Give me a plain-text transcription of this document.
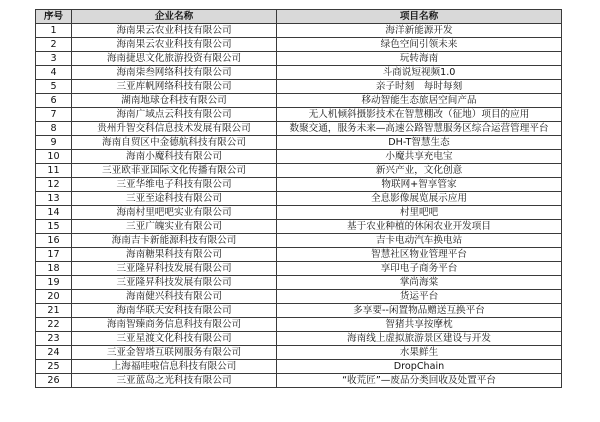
序号	企业名称	项目名称
1	海南果云农业科技有限公司	海洋新能源开发
2	海南果云农业科技有限公司	绿色空间引领未来
3	海南捷思文化旅游投资有限公司	玩转海南
4	海南柒叁网络科技有限公司	斗商说短视频1.0
5	三亚库帆网络科技有限公司	亲子时刻　每时每刻
6	湖南地球仓科技有限公司	移动智能生态旅居空间产品
7	海南广域点云科技有限公司	无人机倾斜摄影技术在智慧棚改（征地）项目的应用
8	贵州升智交科信息技术发展有限公司	数聚交通，服务未来—高速公路智慧服务区综合运营管理平台
9	海南自贸区中金德航科技有限公司	DH-T智慧生态
10	海南小魔科技有限公司	小魔共享充电宝
11	三亚欧菲亚国际文化传播有限公司	新兴产业，文化创意
12	三亚华维电子科技有限公司	物联网+智享管家
13	三亚至途科技有限公司	全息影像展览展示应用
14	海南村里吧吧实业有限公司	村里吧吧
15	三亚广魄实业有限公司	基于农业种植的休闲农业开发项目
16	海南吉卡新能源科技有限公司	吉卡电动汽车换电站
17	海南糖果科技有限公司	智慧社区物业管理平台
18	三亚隆昇科技发展有限公司	享印电子商务平台
19	三亚隆昇科技发展有限公司	掌尚海棠
20	海南健兴科技有限公司	货运平台
21	海南华联天安科技有限公司	多享要--闲置物品赠送互换平台
22	海南智臻商务信息科技有限公司	智猪共享按摩枕
23	三亚星渡文化科技有限公司	海南线上虚拟旅游景区建设与开发
24	三亚金智塔互联网服务有限公司	水果鲜生
25	上海福哇啦信息科技有限公司	DropChain
26	三亚蓝岛之光科技有限公司	“收荒匠”—废品分类回收及处置平台
